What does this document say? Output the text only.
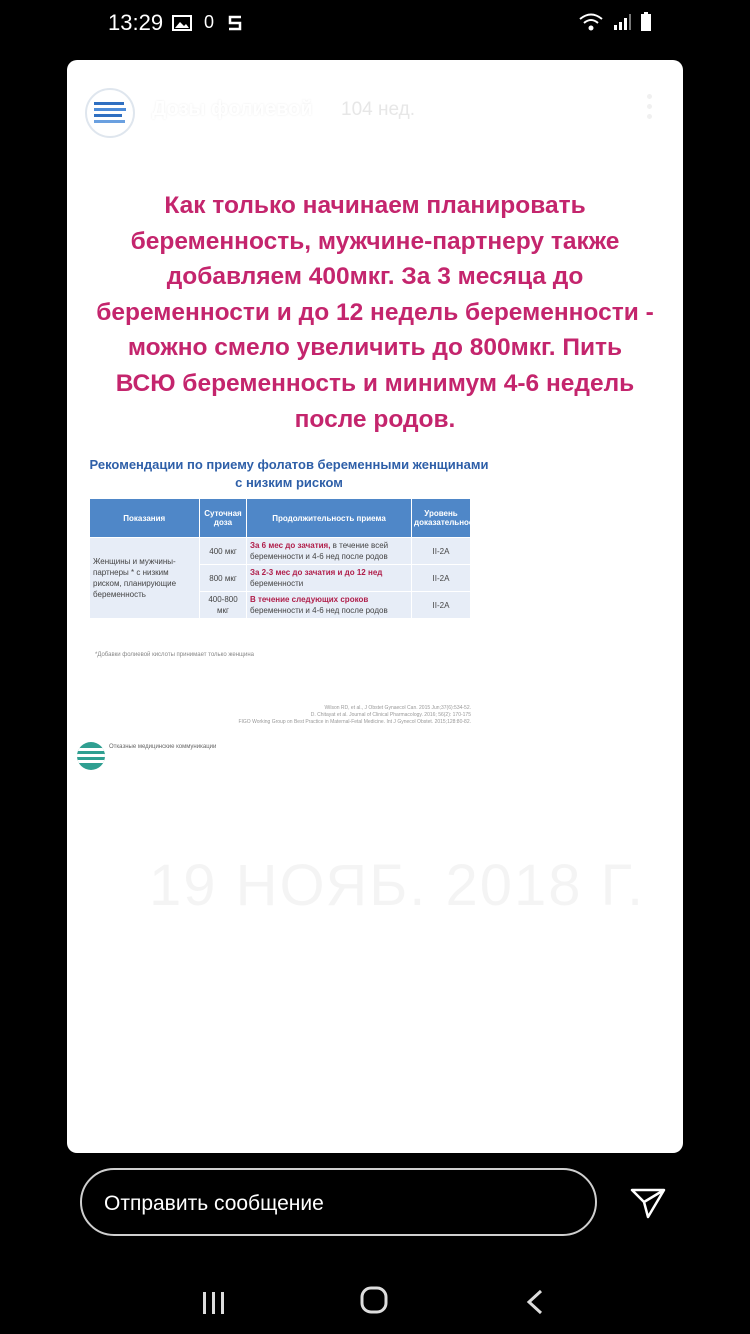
13:29 0
Дозы фолиевой 104 нед.
Как только начинаем планировать беременность, мужчине-партнеру также добавляем 400мкг. За 3 месяца до беременности и до 12 недель беременности - можно смело увеличить до 800мкг. Пить ВСЮ беременность и минимум 4-6 недель после родов.
Рекомендации по приему фолатов беременными женщинами с низким риском
Показания	Суточная доза	Продолжительность приема	Уровень доказательности
Женщины и мужчины-партнеры * с низким риском, планирующие беременность	400 мкг	За 6 мес до зачатия, в течение всей беременности и 4-6 нед после родов	II-2A
	800 мкг	За 2-3 мес до зачатия и до 12 нед беременности	II-2A
	400-800 мкг	В течение следующих сроков беременности и 4-6 нед после родов	II-2A
*Добавки фолиевой кислоты принимает только женщина
Wilson RD, et al., J Obstet Gynaecol Can. 2015 Jun;37(6):534-52.
D. Chitayat et al. Journal of Clinical Pharmacology. 2016; 56(2): 170-175
FIGO Working Group on Best Practice in Maternal-Fetal Medicine. Int J Gynecol Obstet. 2015;128:80-82.
Отказные медицинские коммуникации
Отправить сообщение
